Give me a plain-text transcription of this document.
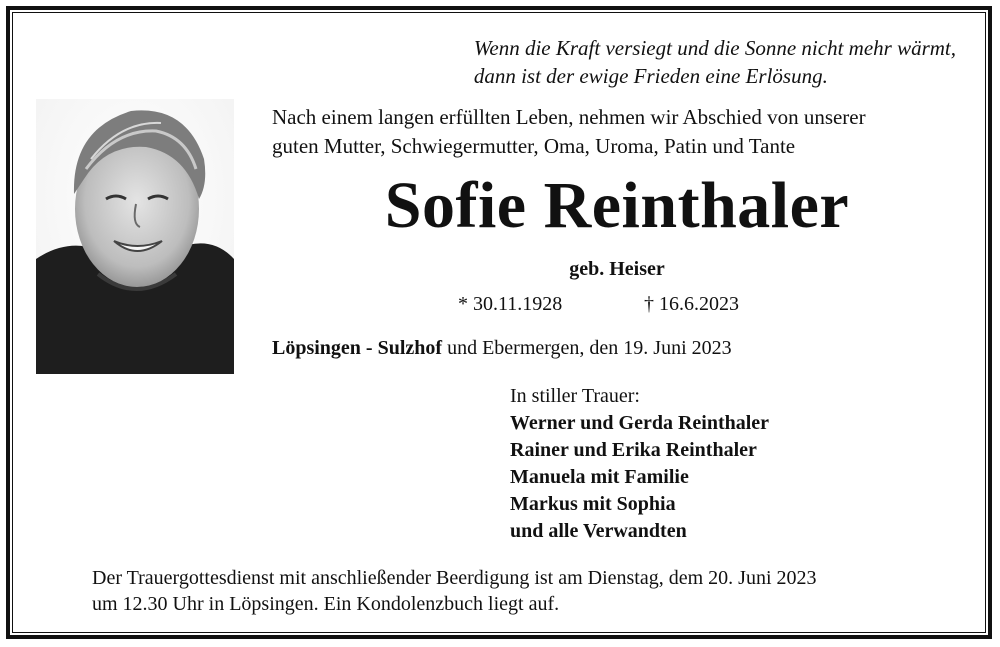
Wenn die Kraft versiegt und die Sonne nicht mehr wärmt,
dann ist der ewige Frieden eine Erlösung.
Nach einem langen erfüllten Leben, nehmen wir Abschied von unserer
guten Mutter, Schwiegermutter, Oma, Uroma, Patin und Tante
Sofie Reinthaler
geb. Heiser
* 30.11.1928	† 16.6.2023
Löpsingen - Sulzhof und Ebermergen, den 19. Juni 2023
In stiller Trauer:
Werner und Gerda Reinthaler
Rainer und Erika Reinthaler
Manuela mit Familie
Markus mit Sophia
und alle Verwandten
Der Trauergottesdienst mit anschließender Beerdigung ist am Dienstag, dem 20. Juni 2023
um 12.30 Uhr in Löpsingen. Ein Kondolenzbuch liegt auf.
